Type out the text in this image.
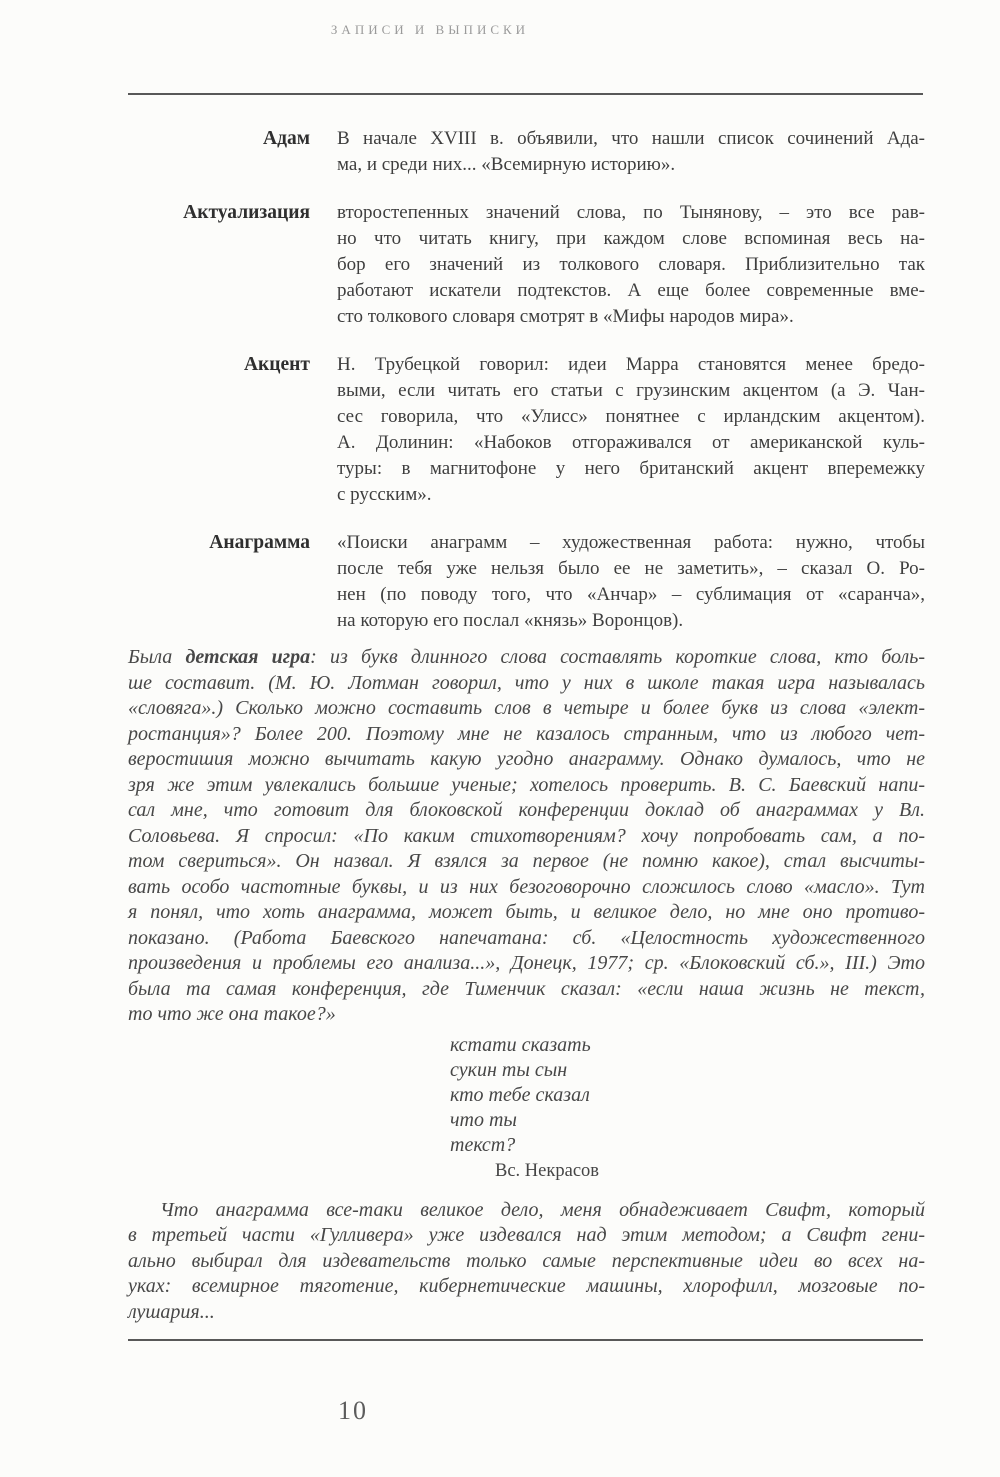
ЗАПИСИ И ВЫПИСКИ
Адам В начале XVIII в. объявили, что нашли список сочинений Ада-
ма, и среди них... «Всемирную историю».
Актуализация второстепенных значений слова, по Тынянову, – это все рав-
но что читать книгу, при каждом слове вспоминая весь на-
бор его значений из толкового словаря. Приблизительно так
работают искатели подтекстов. А еще более современные вме-
сто толкового словаря смотрят в «Мифы народов мира».
Акцент Н. Трубецкой говорил: идеи Марра становятся менее бредо-
выми, если читать его статьи с грузинским акцентом (а Э. Чан-
сес говорила, что «Улисс» понятнее с ирландским акцентом).
А. Долинин: «Набоков отгораживался от американской куль-
туры: в магнитофоне у него британский акцент вперемежку
с русским».
Анаграмма «Поиски анаграмм – художественная работа: нужно, чтобы
после тебя уже нельзя было ее не заметить», – сказал О. Ро-
нен (по поводу того, что «Анчар» – сублимация от «саранча»,
на которую его послал «князь» Воронцов).
Была детская игра: из букв длинного слова составлять короткие слова, кто боль-
ше составит. (М. Ю. Лотман говорил, что у них в школе такая игра называлась
«словяга».) Сколько можно составить слов в четыре и более букв из слова «элект-
ростанция»? Более 200. Поэтому мне не казалось странным, что из любого чет-
веростишия можно вычитать какую угодно анаграмму. Однако думалось, что не
зря же этим увлекались большие ученые; хотелось проверить. В. С. Баевский напи-
сал мне, что готовит для блоковской конференции доклад об анаграммах у Вл.
Соловьева. Я спросил: «По каким стихотворениям? хочу попробовать сам, а по-
том свериться». Он назвал. Я взялся за первое (не помню какое), стал высчиты-
вать особо частотные буквы, и из них безоговорочно сложилось слово «масло». Тут
я понял, что хоть анаграмма, может быть, и великое дело, но мне оно противо-
показано. (Работа Баевского напечатана: сб. «Целостность художественного
произведения и проблемы его анализа...», Донецк, 1977; ср. «Блоковский сб.», III.) Это
была та самая конференция, где Тименчик сказал: «если наша жизнь не текст,
то что же она такое?»
кстати сказать
сукин ты сын
кто тебе сказал
что ты
текст?
Вс. Некрасов
Что анаграмма все-таки великое дело, меня обнадеживает Свифт, который
в третьей части «Гулливера» уже издевался над этим методом; а Свифт гени-
ально выбирал для издевательств только самые перспективные идеи во всех на-
уках: всемирное тяготение, кибернетические машины, хлорофилл, мозговые по-
лушария...
10
